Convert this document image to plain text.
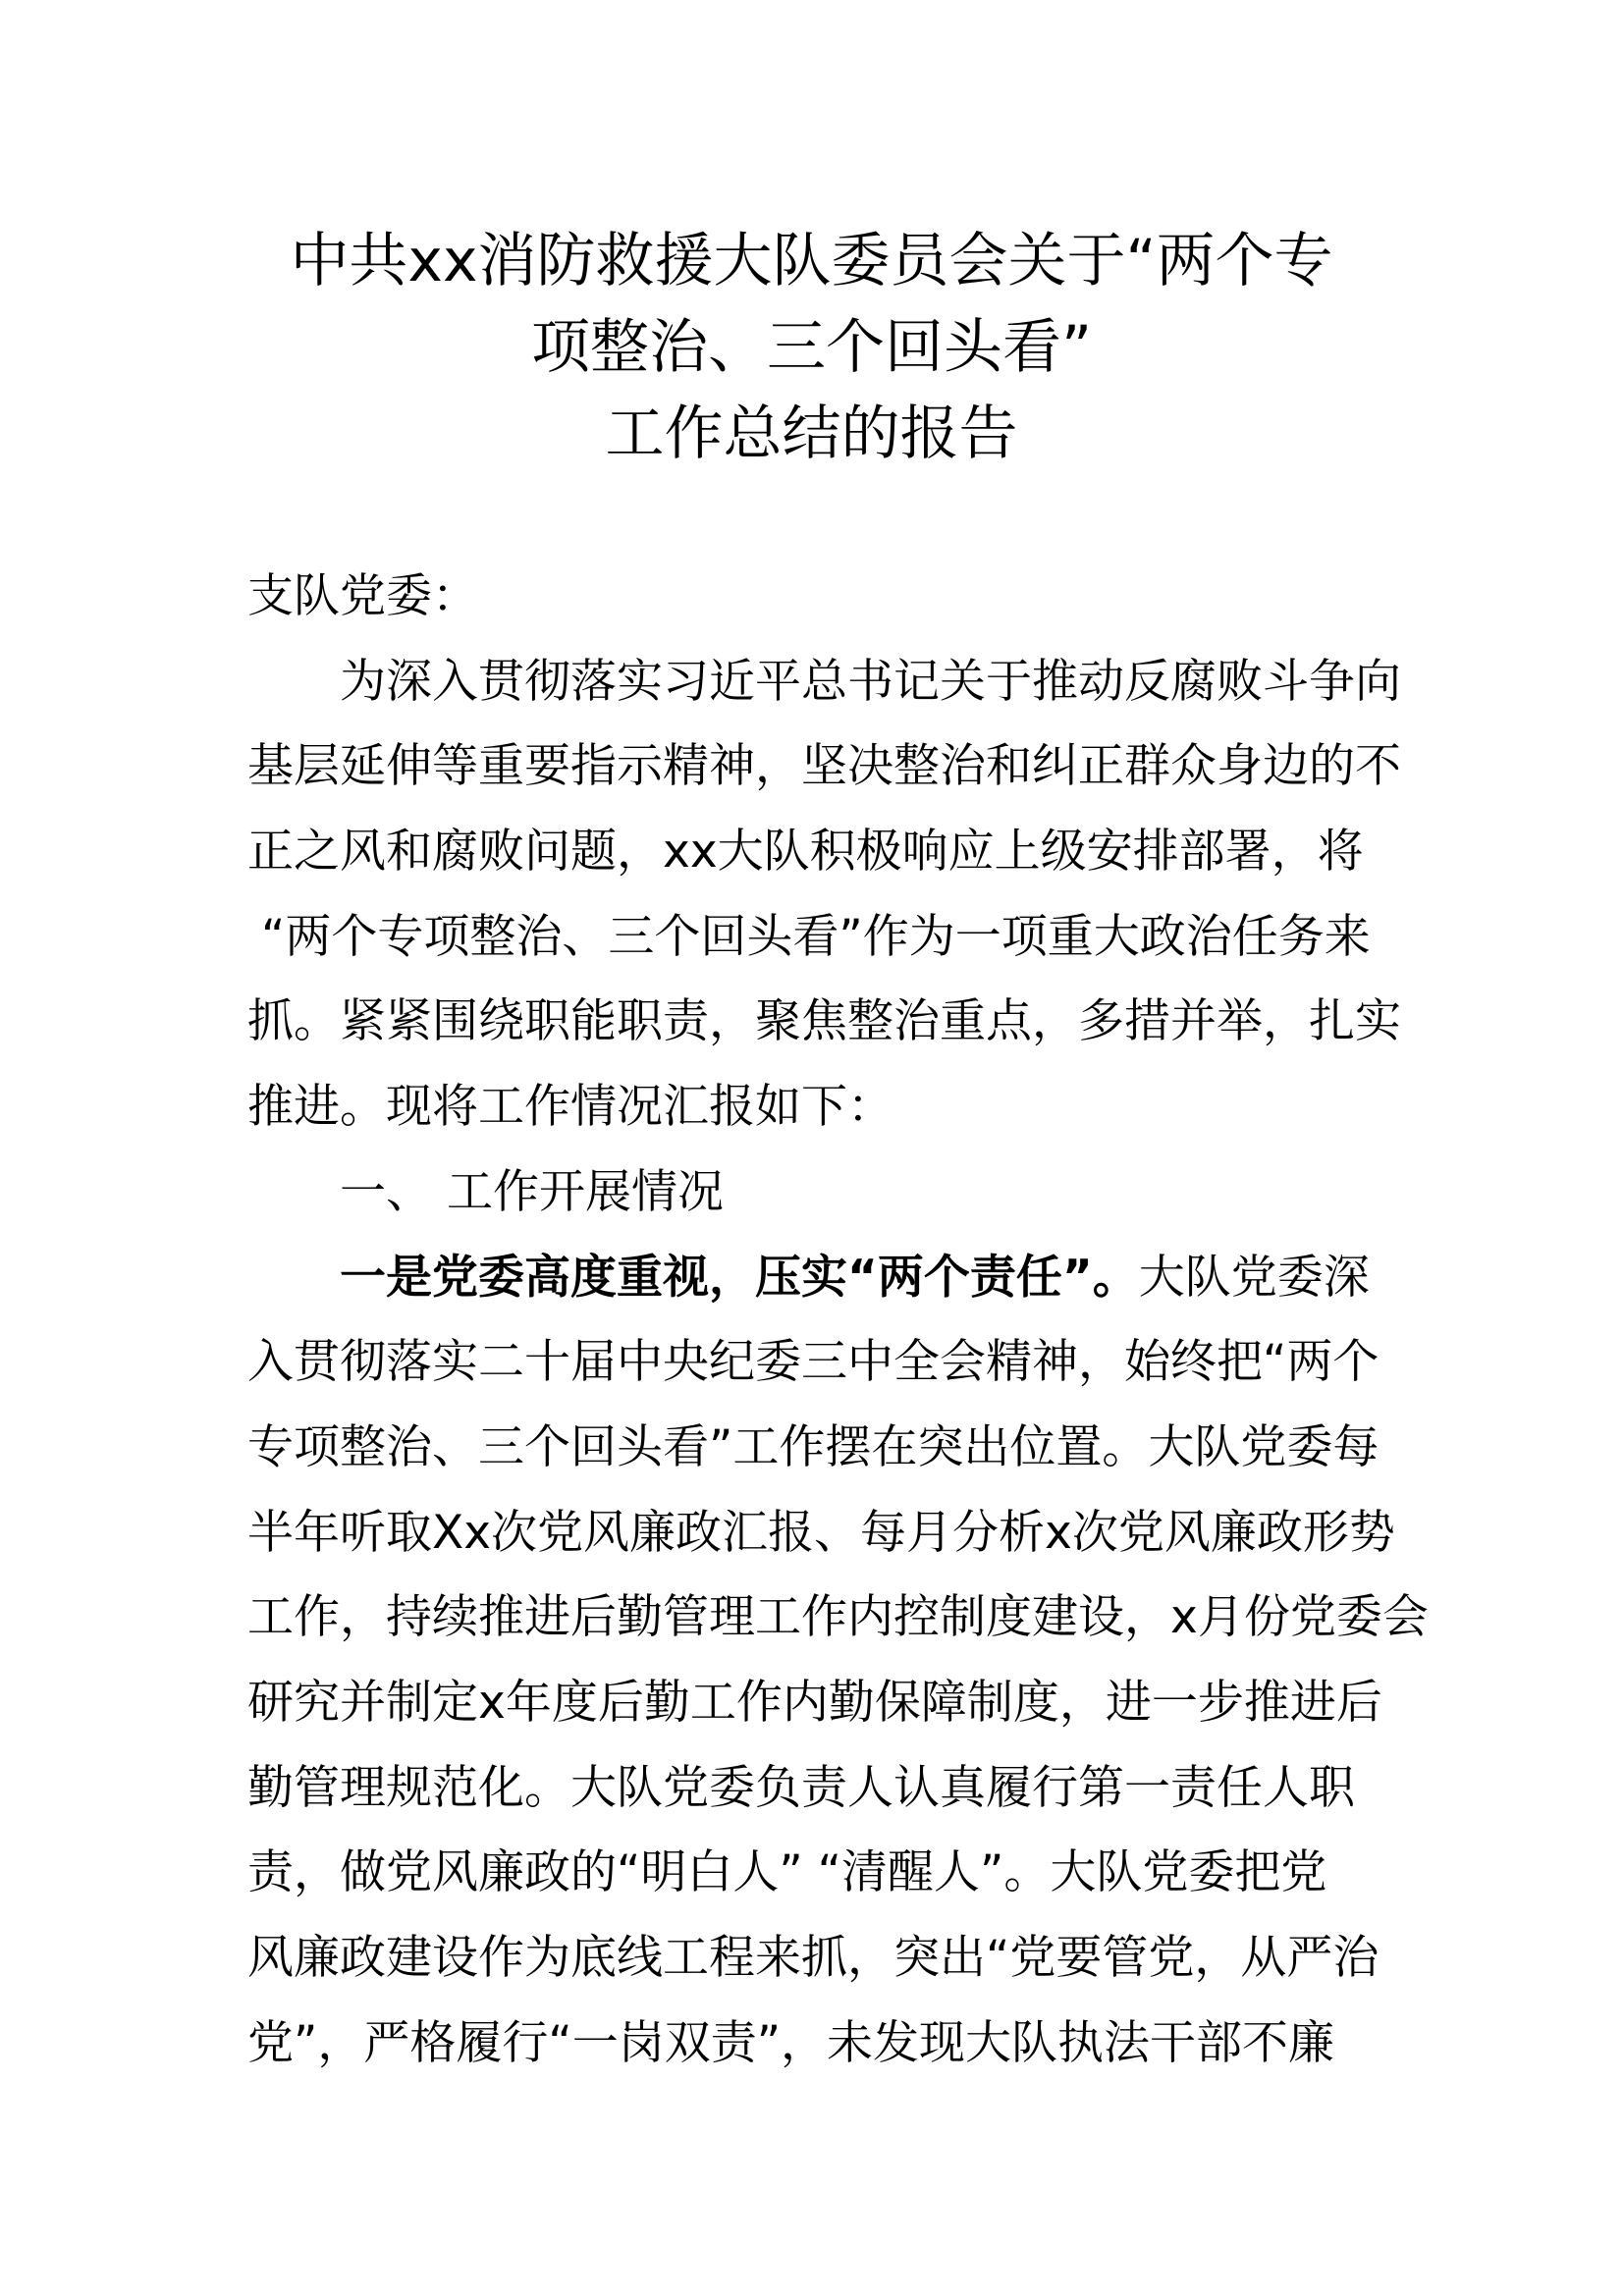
中共xx消防救援大队委员会关于“两个专
项整治、三个回头看”
工作总结的报告
支队党委：
为深入贯彻落实习近平总书记关于推动反腐败斗争向
基层延伸等重要指示精神，坚决整治和纠正群众身边的不
正之风和腐败问题，xx大队积极响应上级安排部署，将
“两个专项整治、三个回头看”作为一项重大政治任务来
抓。紧紧围绕职能职责，聚焦整治重点，多措并举，扎实
推进。现将工作情况汇报如下：
一、 工作开展情况
一是党委高度重视，压实“两个责任”。大队党委深
入贯彻落实二十届中央纪委三中全会精神，始终把“两个
专项整治、三个回头看”工作摆在突出位置。大队党委每
半年听取Xx次党风廉政汇报、每月分析x次党风廉政形势
工作，持续推进后勤管理工作内控制度建设，x月份党委会
研究并制定x年度后勤工作内勤保障制度，进一步推进后
勤管理规范化。大队党委负责人认真履行第一责任人职
责，做党风廉政的“明白人” “清醒人”。大队党委把党
风廉政建设作为底线工程来抓，突出“党要管党，从严治
党”，严格履行“一岗双责”，未发现大队执法干部不廉
